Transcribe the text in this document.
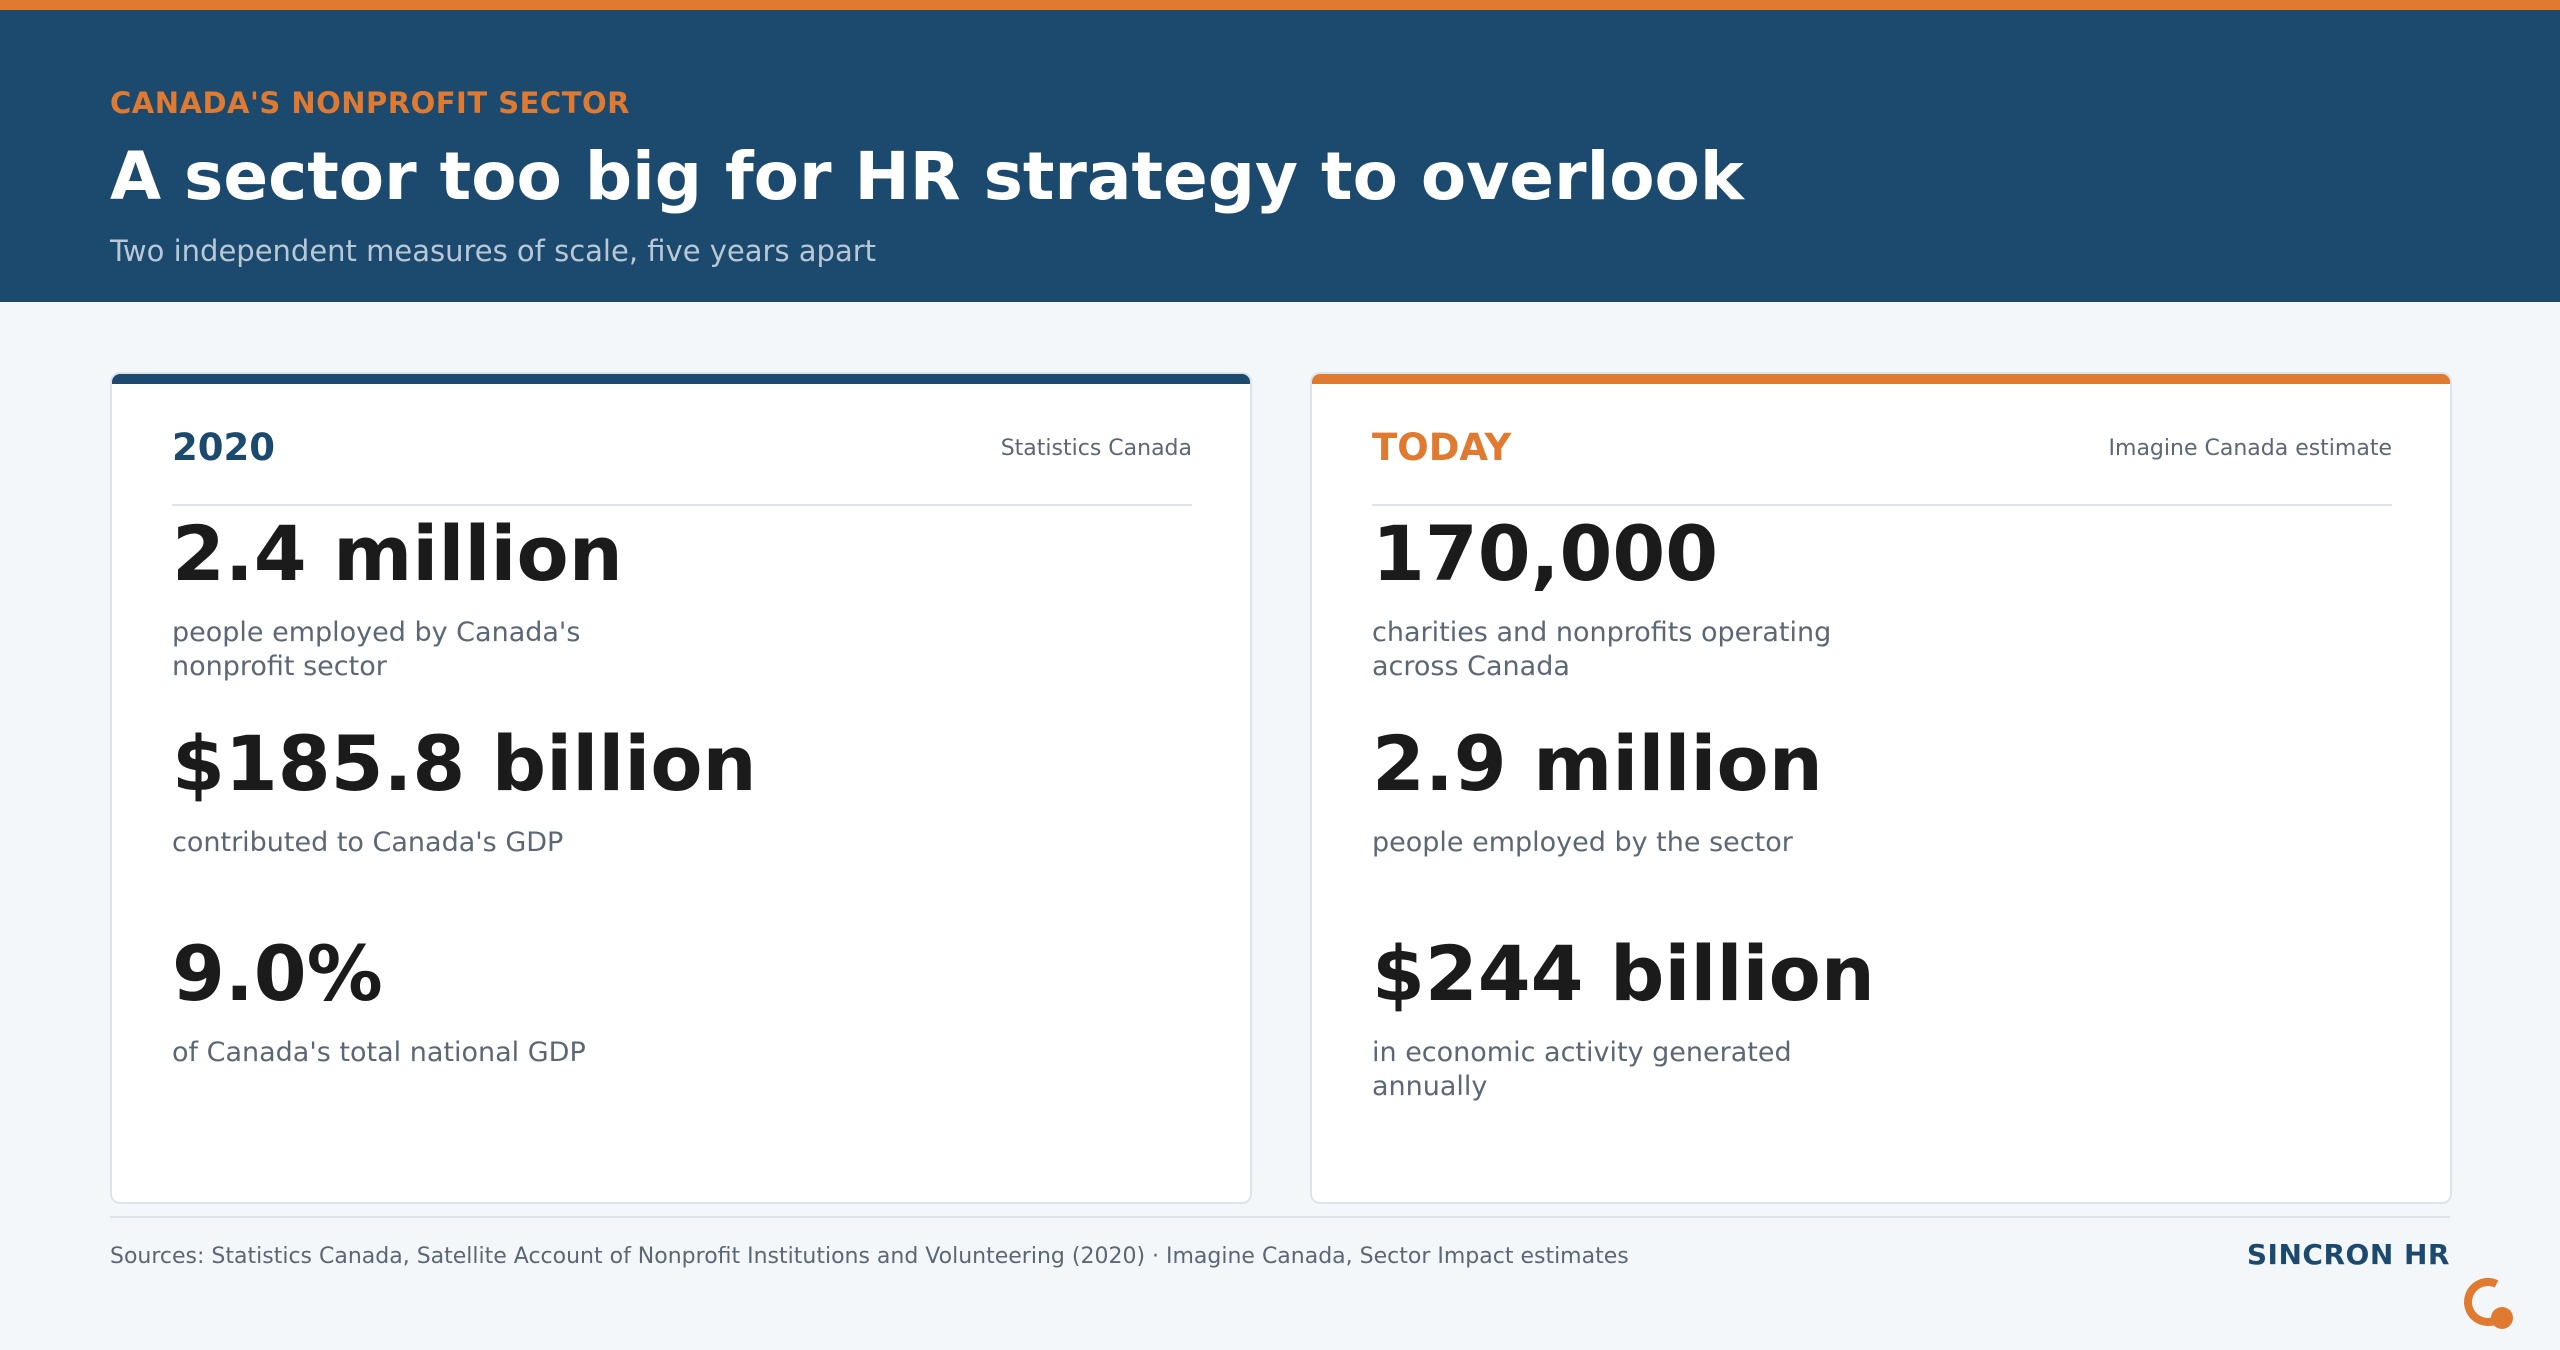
CANADA'S NONPROFIT SECTOR
A sector too big for HR strategy to overlook
Two independent measures of scale, five years apart
2020	Statistics Canada
2.4 million
people employed by Canada's nonprofit sector
$185.8 billion
contributed to Canada's GDP
9.0%
of Canada's total national GDP
TODAY	Imagine Canada estimate
170,000
charities and nonprofits operating across Canada
2.9 million
people employed by the sector
$244 billion
in economic activity generated annually
Sources: Statistics Canada, Satellite Account of Nonprofit Institutions and Volunteering (2020) · Imagine Canada, Sector Impact estimates	SINCRON HR
